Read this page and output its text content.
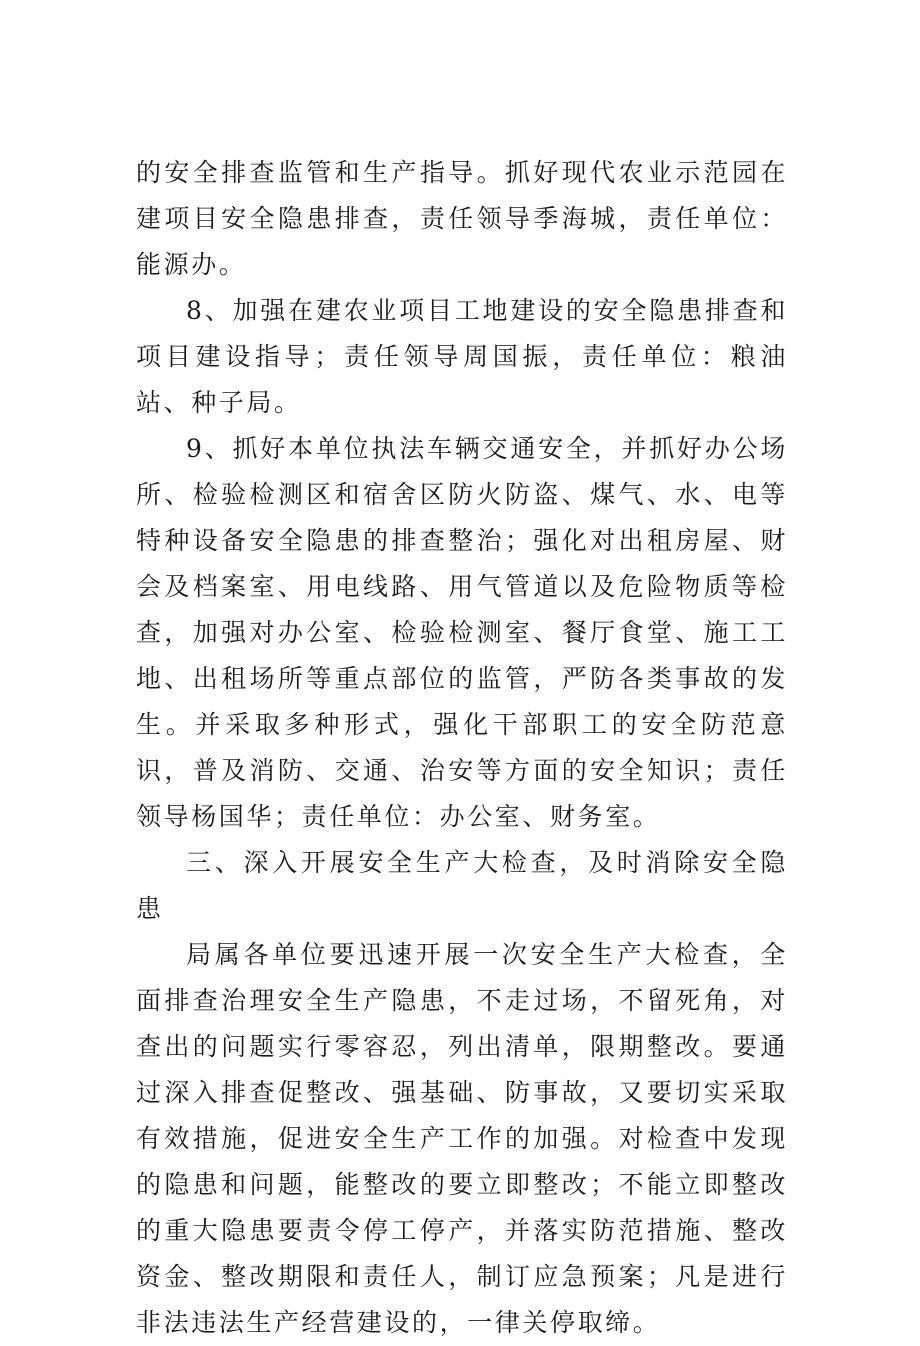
的安全排查监管和生产指导。抓好现代农业示范园在建项目安全隐患排查，责任领导季海城，责任单位：能源办。

8、加强在建农业项目工地建设的安全隐患排查和项目建设指导；责任领导周国振，责任单位：粮油站、种子局。

9、抓好本单位执法车辆交通安全，并抓好办公场所、检验检测区和宿舍区防火防盗、煤气、水、电等特种设备安全隐患的排查整治；强化对出租房屋、财会及档案室、用电线路、用气管道以及危险物质等检查，加强对办公室、检验检测室、餐厅食堂、施工工地、出租场所等重点部位的监管，严防各类事故的发生。并采取多种形式，强化干部职工的安全防范意识，普及消防、交通、治安等方面的安全知识；责任领导杨国华；责任单位：办公室、财务室。

三、深入开展安全生产大检查，及时消除安全隐患

局属各单位要迅速开展一次安全生产大检查，全面排查治理安全生产隐患，不走过场，不留死角，对查出的问题实行零容忍，列出清单，限期整改。要通过深入排查促整改、强基础、防事故，又要切实采取有效措施，促进安全生产工作的加强。对检查中发现的隐患和问题，能整改的要立即整改；不能立即整改的重大隐患要责令停工停产，并落实防范措施、整改资金、整改期限和责任人，制订应急预案；凡是进行非法违法生产经营建设的，一律关停取缔。
